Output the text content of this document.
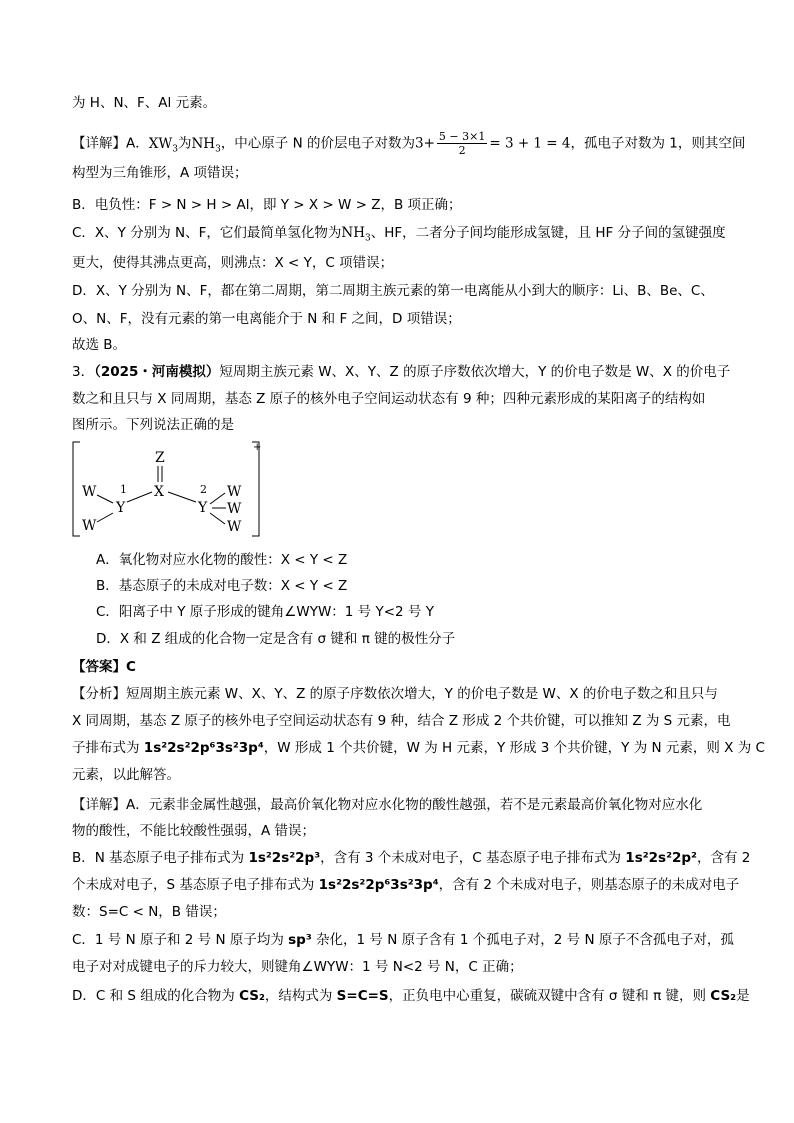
为 H、N、F、Al 元素。
【详解】A．$XW_3$为$NH_3$，中心原子 N 的价层电子对数为$3+ \frac{5 - 3\times 1}{2} = 3 + 1 = 4$，孤电子对数为 1，则其空间
构型为三角锥形，A 项错误；
B．电负性：F > N > H > Al，即 Y > X > W > Z，B 项正确；
C．X、Y 分别为 N、F，它们最简单氢化物为$NH_3$、HF，二者分子间均能形成氢键，且 HF 分子间的氢键强度
更大，使得其沸点更高，则沸点：X < Y，C 项错误；
D．X、Y 分别为 N、F，都在第二周期，第二周期主族元素的第一电离能从小到大的顺序：Li、B、Be、C、
O、N、F，没有元素的第一电离能介于 N 和 F 之间，D 项错误；
故选 B。
3．（2025・河南模拟）短周期主族元素 W、X、Y、Z 的原子序数依次增大，Y 的价电子数是 W、X 的价电子
数之和且只与 X 同周期，基态 Z 原子的核外电子空间运动状态有 9 种；四种元素形成的某阳离子的结构如
图所示。下列说法正确的是
+
Z
X
Y
1
Y
2
W
W
W
W
W
A．氧化物对应水化物的酸性：X < Y < Z
B．基态原子的未成对电子数：X < Y < Z
C．阳离子中 Y 原子形成的键角∠WYW：1 号 Y<2 号 Y
D．X 和 Z 组成的化合物一定是含有 σ 键和 π 键的极性分子
【答案】C
【分析】短周期主族元素 W、X、Y、Z 的原子序数依次增大，Y 的价电子数是 W、X 的价电子数之和且只与
X 同周期，基态 Z 原子的核外电子空间运动状态有 9 种，结合 Z 形成 2 个共价键，可以推知 Z 为 S 元素，电
子排布式为 1s²2s²2p⁶3s²3p⁴，W 形成 1 个共价键，W 为 H 元素，Y 形成 3 个共价键，Y 为 N 元素，则 X 为 C
元素，以此解答。
【详解】A．元素非金属性越强，最高价氧化物对应水化物的酸性越强，若不是元素最高价氧化物对应水化
物的酸性，不能比较酸性强弱，A 错误；
B．N 基态原子电子排布式为 1s²2s²2p³，含有 3 个未成对电子，C 基态原子电子排布式为 1s²2s²2p²，含有 2
个未成对电子，S 基态原子电子排布式为 1s²2s²2p⁶3s²3p⁴，含有 2 个未成对电子，则基态原子的未成对电子
数：S=C < N，B 错误；
C．1 号 N 原子和 2 号 N 原子均为 sp³ 杂化，1 号 N 原子含有 1 个孤电子对，2 号 N 原子不含孤电子对，孤
电子对对成键电子的斥力较大，则键角∠WYW：1 号 N<2 号 N，C 正确；
D．C 和 S 组成的化合物为 CS₂，结构式为 S=C=S，正负电中心重复，碳硫双键中含有 σ 键和 π 键，则 CS₂是
